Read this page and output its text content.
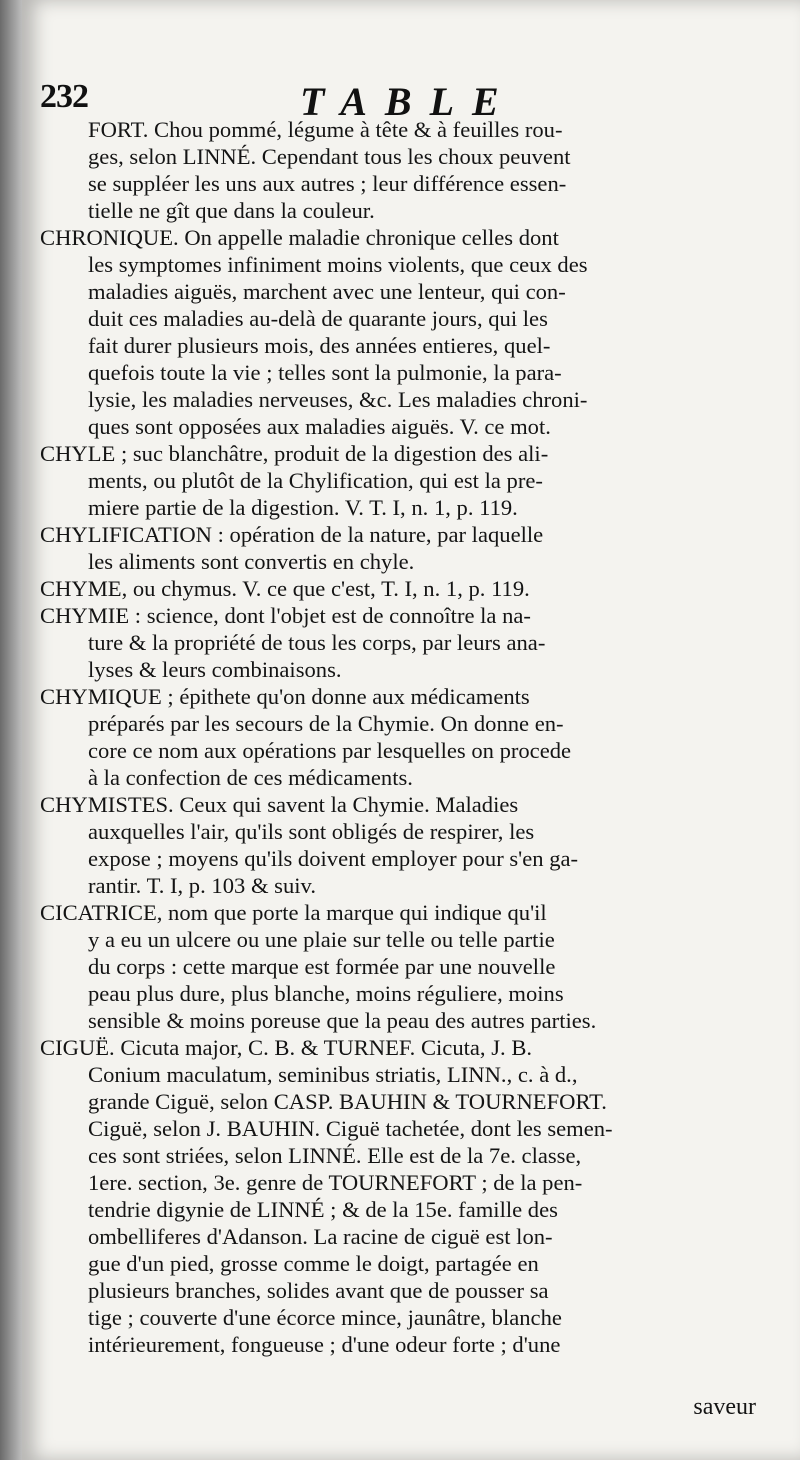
232	TABLE
FORT. Chou pommé, légume à tête & à feuilles rou-
ges, selon LINNÉ. Cependant tous les choux peuvent
se suppléer les uns aux autres ; leur différence essen-
tielle ne gît que dans la couleur.
CHRONIQUE. On appelle maladie chronique celles dont
les symptomes infiniment moins violents, que ceux des
maladies aiguës, marchent avec une lenteur, qui con-
duit ces maladies au-delà de quarante jours, qui les
fait durer plusieurs mois, des années entieres, quel-
quefois toute la vie ; telles sont la pulmonie, la para-
lysie, les maladies nerveuses, &c. Les maladies chroni-
ques sont opposées aux maladies aiguës. V. ce mot.
CHYLE ; suc blanchâtre, produit de la digestion des ali-
ments, ou plutôt de la Chylification, qui est la pre-
miere partie de la digestion. V. T. I, n. 1, p. 119.
CHYLIFICATION : opération de la nature, par laquelle
les aliments sont convertis en chyle.
CHYME, ou chymus. V. ce que c'est, T. I, n. 1, p. 119.
CHYMIE : science, dont l'objet est de connoître la na-
ture & la propriété de tous les corps, par leurs ana-
lyses & leurs combinaisons.
CHYMIQUE ; épithete qu'on donne aux médicaments
préparés par les secours de la Chymie. On donne en-
core ce nom aux opérations par lesquelles on procede
à la confection de ces médicaments.
CHYMISTES. Ceux qui savent la Chymie. Maladies
auxquelles l'air, qu'ils sont obligés de respirer, les
expose ; moyens qu'ils doivent employer pour s'en ga-
rantir. T. I, p. 103 & suiv.
CICATRICE, nom que porte la marque qui indique qu'il
y a eu un ulcere ou une plaie sur telle ou telle partie
du corps : cette marque est formée par une nouvelle
peau plus dure, plus blanche, moins réguliere, moins
sensible & moins poreuse que la peau des autres parties.
CIGUË. Cicuta major, C. B. & TURNEF. Cicuta, J. B.
Conium maculatum, seminibus striatis, LINN., c. à d.,
grande Ciguë, selon CASP. BAUHIN & TOURNEFORT.
Ciguë, selon J. BAUHIN. Ciguë tachetée, dont les semen-
ces sont striées, selon LINNÉ. Elle est de la 7e. classe,
1ere. section, 3e. genre de TOURNEFORT ; de la pen-
tendrie digynie de LINNÉ ; & de la 15e. famille des
ombelliferes d'Adanson. La racine de ciguë est lon-
gue d'un pied, grosse comme le doigt, partagée en
plusieurs branches, solides avant que de pousser sa
tige ; couverte d'une écorce mince, jaunâtre, blanche
intérieurement, fongueuse ; d'une odeur forte ; d'une
saveur
